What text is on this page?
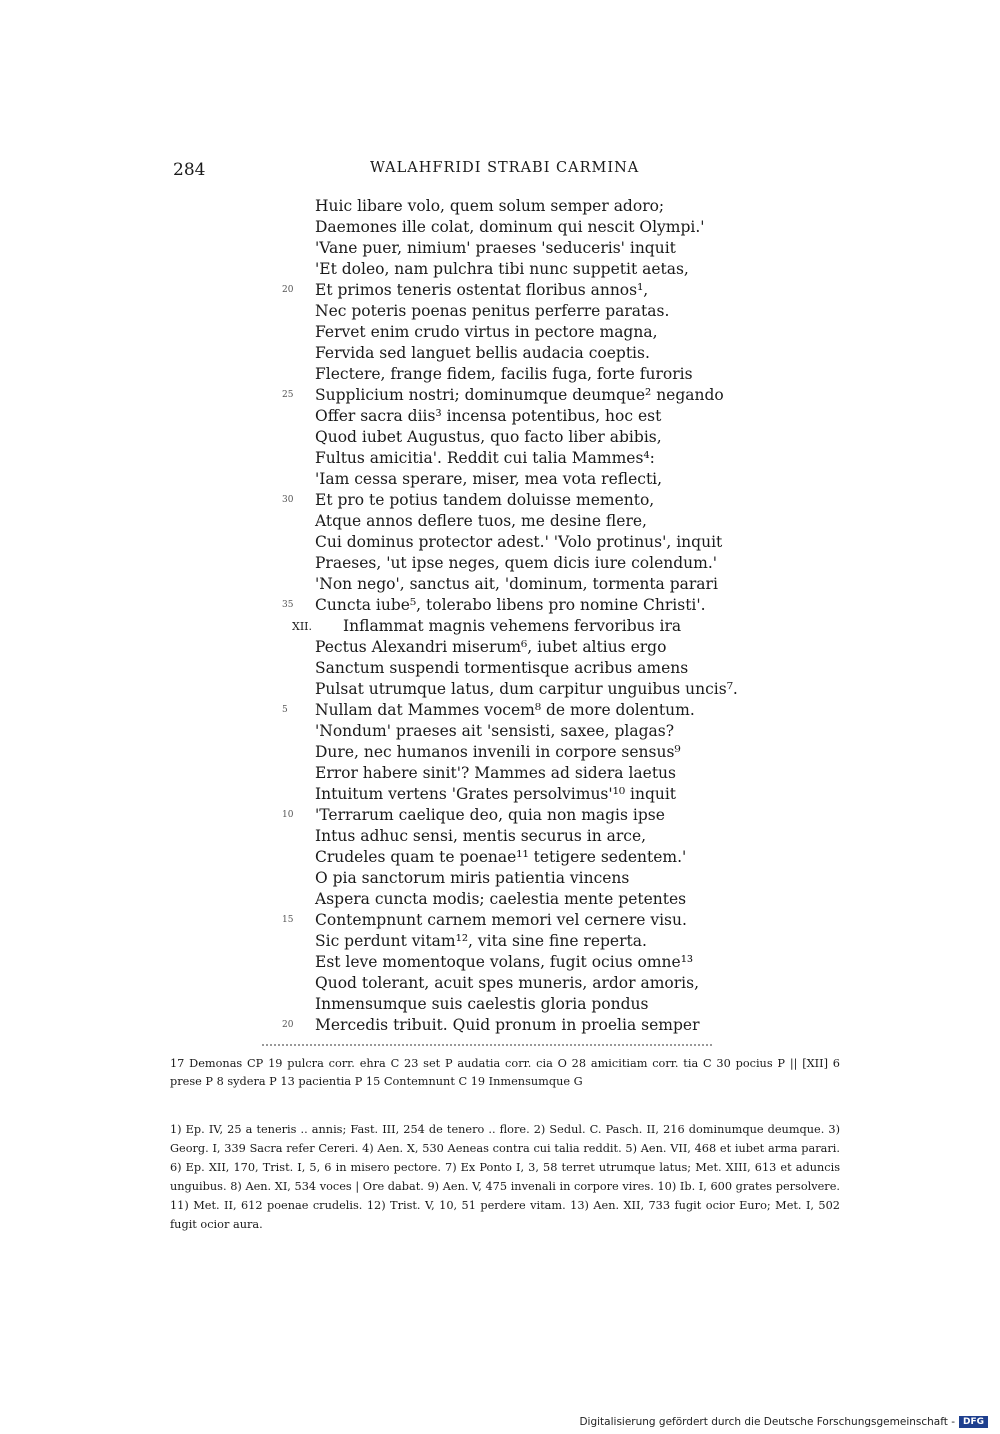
284	WALAHFRIDI STRABI CARMINA
Huic libare volo, quem solum semper adoro;
Daemones ille colat, dominum qui nescit Olympi.'
'Vane puer, nimium' praeses 'seduceris' inquit
'Et doleo, nam pulchra tibi nunc suppetit aetas,
20 Et primos teneris ostentat floribus annos¹,
Nec poteris poenas penitus perferre paratas.
Fervet enim crudo virtus in pectore magna,
Fervida sed languet bellis audacia coeptis.
Flectere, frange fidem, facilis fuga, forte furoris
25 Supplicium nostri; dominumque deumque² negando
Offer sacra diis³ incensa potentibus, hoc est
Quod iubet Augustus, quo facto liber abibis,
Fultus amicitia'. Reddit cui talia Mammes⁴:
'Iam cessa sperare, miser, mea vota reflecti,
30 Et pro te potius tandem doluisse memento,
Atque annos deflere tuos, me desine flere,
Cui dominus protector adest.' 'Volo protinus', inquit
Praeses, 'ut ipse neges, quem dicis iure colendum.'
'Non nego', sanctus ait, 'dominum, tormenta parari
35 Cuncta iube⁵, tolerabo libens pro nomine Christi'.
XII. Inflammat magnis vehemens fervoribus ira
Pectus Alexandri miserum⁶, iubet altius ergo
Sanctum suspendi tormentisque acribus amens
Pulsat utrumque latus, dum carpitur unguibus uncis⁷.
5 Nullam dat Mammes vocem⁸ de more dolentum.
'Nondum' praeses ait 'sensisti, saxee, plagas?
Dure, nec humanos invenili in corpore sensus⁹
Error habere sinit'? Mammes ad sidera laetus
Intuitum vertens 'Grates persolvimus'¹⁰ inquit
10 'Terrarum caelique deo, quia non magis ipse
Intus adhuc sensi, mentis securus in arce,
Crudeles quam te poenae¹¹ tetigere sedentem.'
O pia sanctorum miris patientia vincens
Aspera cuncta modis; caelestia mente petentes
15 Contempnunt carnem memori vel cernere visu.
Sic perdunt vitam¹², vita sine fine reperta.
Est leve momentoque volans, fugit ocius omne¹³
Quod tolerant, acuit spes muneris, ardor amoris,
Inmensumque suis caelestis gloria pondus
20 Mercedis tribuit. Quid pronum in proelia semper

17 Demonas CP 19 pulcra corr. ehra C 23 set P audatia corr. cia O 28 amicitiam corr. tia C 30 pocius P || [XII] 6 prese P 8 sydera P 13 pacientia P 15 Contemnunt C 19 Inmensumque G

1) Ep. IV, 25 a teneris .. annis; Fast. III, 254 de tenero .. flore. 2) Sedul. C. Pasch. II, 216 dominumque deumque. 3) Georg. I, 339 Sacra refer Cereri. 4) Aen. X, 530 Aeneas contra cui talia reddit. 5) Aen. VII, 468 et iubet arma parari. 6) Ep. XII, 170, Trist. I, 5, 6 in misero pectore. 7) Ex Ponto I, 3, 58 terret utrumque latus; Met. XIII, 613 et aduncis unguibus. 8) Aen. XI, 534 voces | Ore dabat. 9) Aen. V, 475 invenali in corpore vires. 10) Ib. I, 600 grates persolvere. 11) Met. II, 612 poenae crudelis. 12) Trist. V, 10, 51 perdere vitam. 13) Aen. XII, 733 fugit ocior Euro; Met. I, 502 fugit ocior aura.

Digitalisierung gefördert durch die Deutsche Forschungsgemeinschaft - DFG
